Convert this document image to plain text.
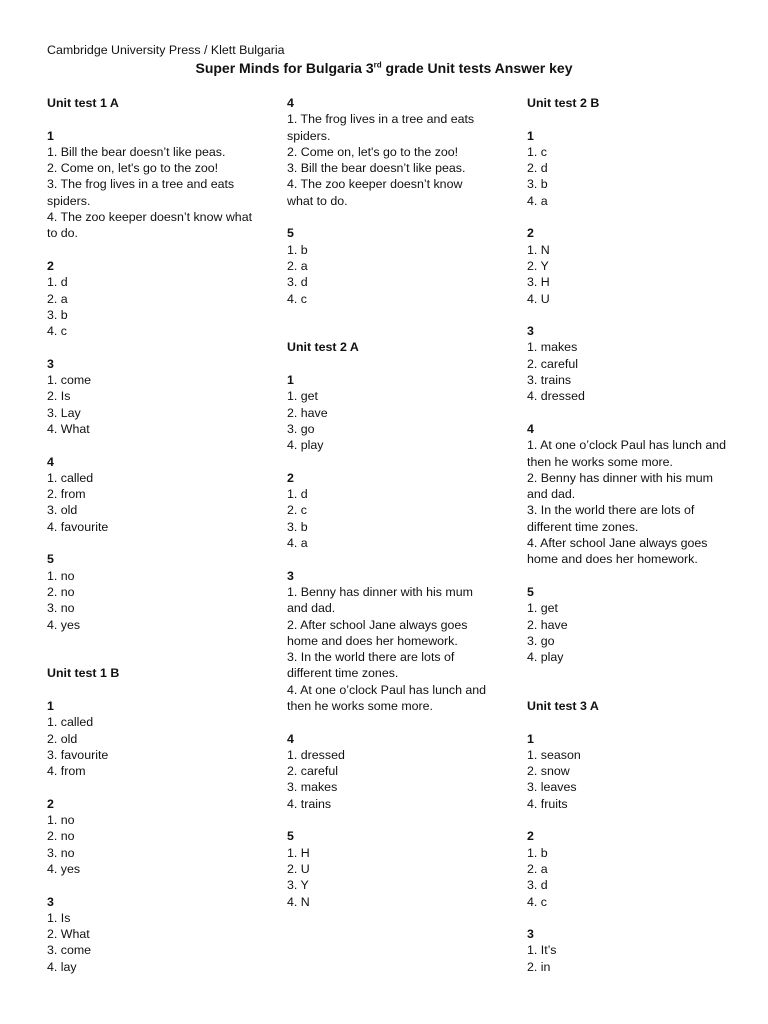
Cambridge University Press / Klett Bulgaria
Super Minds for Bulgaria 3rd grade Unit tests Answer key
Unit test 1 A
1
1. Bill the bear doesn’t like peas.
2. Come on, let's go to the zoo!
3. The frog lives in a tree and eats spiders.
4. The zoo keeper doesn’t know what to do.
2
1. d
2. a
3. b
4. c
3
1. come
2. Is
3. Lay
4. What
4
1. called
2. from
3. old
4. favourite
5
1. no
2. no
3. no
4. yes
Unit test 1 B
1
1. called
2. old
3. favourite
4. from
2
1. no
2. no
3. no
4. yes
3
1. Is
2. What
3. come
4. lay
4
1. The frog lives in a tree and eats spiders.
2. Come on, let's go to the zoo!
3. Bill the bear doesn’t like peas.
4. The zoo keeper doesn’t know what to do.
5
1. b
2. a
3. d
4. c
Unit test 2 A
1
1. get
2. have
3. go
4. play
2
1. d
2. c
3. b
4. a
3
1. Benny has dinner with his mum and dad.
2. After school Jane always goes home and does her homework.
3. In the world there are lots of different time zones.
4. At one o’clock Paul has lunch and then he works some more.
4
1. dressed
2. careful
3. makes
4. trains
5
1. H
2. U
3. Y
4. N
Unit test 2 B
1
1. c
2. d
3. b
4. a
2
1. N
2. Y
3. H
4. U
3
1. makes
2. careful
3. trains
4. dressed
4
1. At one o’clock Paul has lunch and then he works some more.
2. Benny has dinner with his mum and dad.
3. In the world there are lots of different time zones.
4. After school Jane always goes home and does her homework.
5
1. get
2. have
3. go
4. play
Unit test 3 A
1
1. season
2. snow
3. leaves
4. fruits
2
1. b
2. a
3. d
4. c
3
1. It’s
2. in
